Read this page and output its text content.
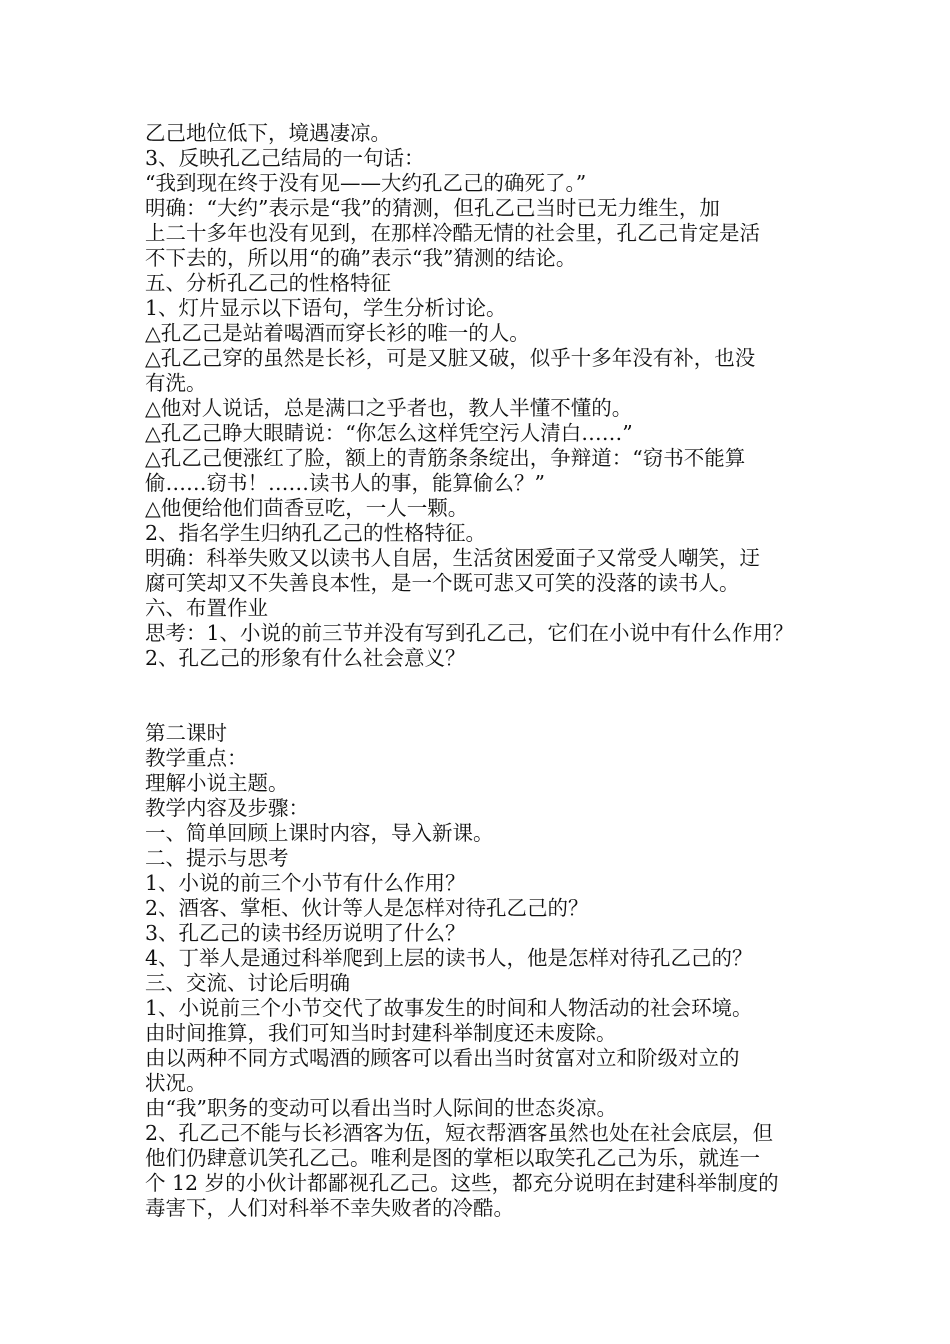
乙己地位低下，境遇凄凉。
3、反映孔乙己结局的一句话：
“我到现在终于没有见——大约孔乙己的确死了。”
明确：“大约”表示是“我”的猜测，但孔乙己当时已无力维生，加
上二十多年也没有见到，在那样冷酷无情的社会里，孔乙己肯定是活
不下去的，所以用“的确”表示“我”猜测的结论。
五、分析孔乙己的性格特征
1、灯片显示以下语句，学生分析讨论。
△孔乙己是站着喝酒而穿长衫的唯一的人。
△孔乙己穿的虽然是长衫，可是又脏又破，似乎十多年没有补，也没
有洗。
△他对人说话，总是满口之乎者也，教人半懂不懂的。
△孔乙己睁大眼睛说：“你怎么这样凭空污人清白……”
△孔乙己便涨红了脸，额上的青筋条条绽出，争辩道：“窃书不能算
偷……窃书！……读书人的事，能算偷么？”
△他便给他们茴香豆吃，一人一颗。
2、指名学生归纳孔乙己的性格特征。
明确：科举失败又以读书人自居，生活贫困爱面子又常受人嘲笑，迂
腐可笑却又不失善良本性，是一个既可悲又可笑的没落的读书人。
六、布置作业
思考：1、小说的前三节并没有写到孔乙己，它们在小说中有什么作用？
2、孔乙己的形象有什么社会意义？
第二课时
教学重点：
理解小说主题。
教学内容及步骤：
一、简单回顾上课时内容，导入新课。
二、提示与思考
1、小说的前三个小节有什么作用？
2、酒客、掌柜、伙计等人是怎样对待孔乙己的？
3、孔乙己的读书经历说明了什么？
4、丁举人是通过科举爬到上层的读书人，他是怎样对待孔乙己的？
三、交流、讨论后明确
1、小说前三个小节交代了故事发生的时间和人物活动的社会环境。
由时间推算，我们可知当时封建科举制度还未废除。
由以两种不同方式喝酒的顾客可以看出当时贫富对立和阶级对立的
状况。
由“我”职务的变动可以看出当时人际间的世态炎凉。
2、孔乙己不能与长衫酒客为伍，短衣帮酒客虽然也处在社会底层，但
他们仍肆意讥笑孔乙己。唯利是图的掌柜以取笑孔乙己为乐，就连一
个 12 岁的小伙计都鄙视孔乙己。这些，都充分说明在封建科举制度的
毒害下，人们对科举不幸失败者的冷酷。
